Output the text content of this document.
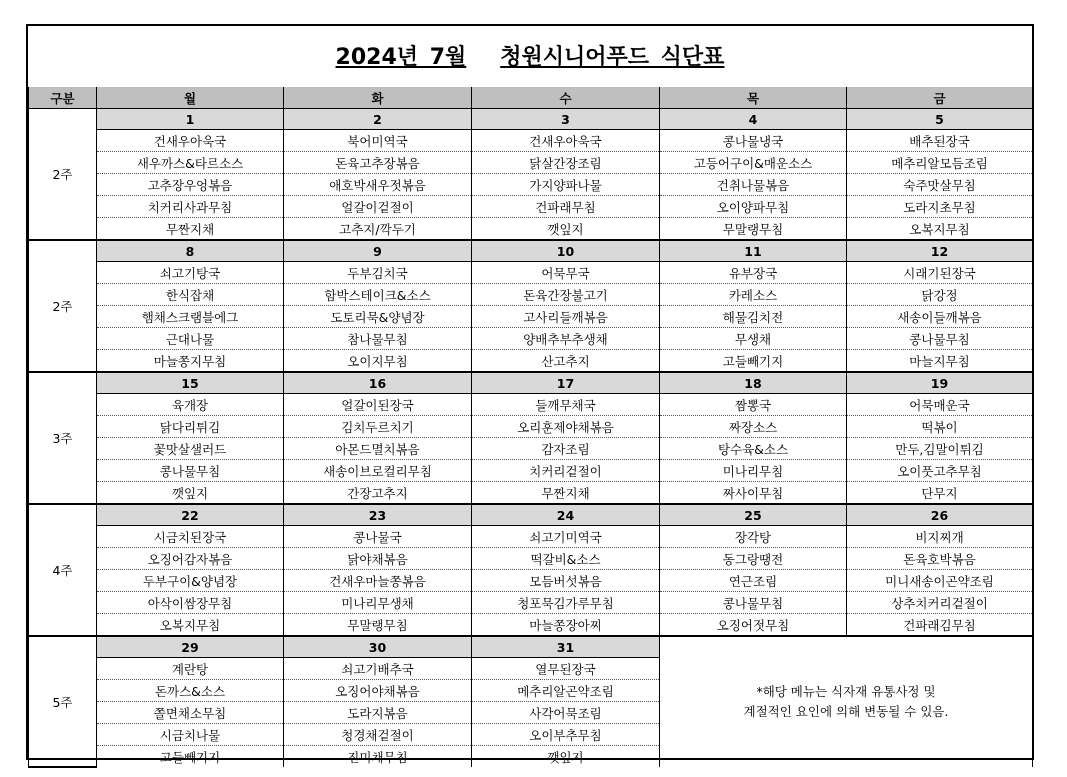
2024년 7월 청원시니어푸드 식단표
구분	월	화	수	목	금
2주	1	2	3	4	5
	건새우아욱국	북어미역국	건새우아욱국	콩나물냉국	배추된장국
	새우까스&타르소스	돈육고추장볶음	닭살간장조림	고등어구이&매운소스	메추리알모듬조림
	고추장우엉볶음	애호박새우젓볶음	가지양파나물	건취나물볶음	숙주맛살무침
	치커리사과무침	얼갈이겉절이	건파래무침	오이양파무침	도라지초무침
	무짠지채	고추지/깍두기	깻잎지	무말랭무침	오복지무침
2주	8	9	10	11	12
	쇠고기탕국	두부김치국	어묵무국	유부장국	시래기된장국
	한식잡채	함박스테이크&소스	돈육간장불고기	카레소스	닭강정
	햄채스크램블에그	도토리묵&양념장	고사리들깨볶음	해물김치전	새송이들깨볶음
	근대나물	참나물무침	양배추부추생채	무생채	콩나물무침
	마늘쫑지무침	오이지무침	산고추지	고들빼기지	마늘지무침
3주	15	16	17	18	19
	육개장	얼갈이된장국	들깨무채국	짬뽕국	어묵매운국
	닭다리튀김	김치두르치기	오리훈제야채볶음	짜장소스	떡볶이
	꽃맛살샐러드	아몬드멸치볶음	감자조림	탕수육&소스	만두,김말이튀김
	콩나물무침	새송이브로컬리무침	치커리겉절이	미나리무침	오이풋고추무침
	깻잎지	간장고추지	무짠지채	짜사이무침	단무지
4주	22	23	24	25	26
	시금치된장국	콩나물국	쇠고기미역국	장각탕	비지찌개
	오징어감자볶음	닭야채볶음	떡갈비&소스	동그랑땡전	돈육호박볶음
	두부구이&양념장	건새우마늘쫑볶음	모듬버섯볶음	연근조림	미니새송이곤약조림
	아삭이쌈장무침	미나리무생채	청포묵김가루무침	콩나물무침	상추치커리겉절이
	오복지무침	무말랭무침	마늘쫑장아찌	오징어젓무침	건파래김무침
5주	29	30	31	*해당 메뉴는 식자재 유통사정 및
계절적인 요인에 의해 변동될 수 있음.	

	계란탕	쇠고기배추국	열무된장국		
	돈까스&소스	오징어야채볶음	메추리알곤약조림		
	쫄면채소무침	도라지볶음	사각어묵조림		
	시금치나물	청경채겉절이	오이부추무침		
	고들빼기지	진미채무침	깻잎지		
